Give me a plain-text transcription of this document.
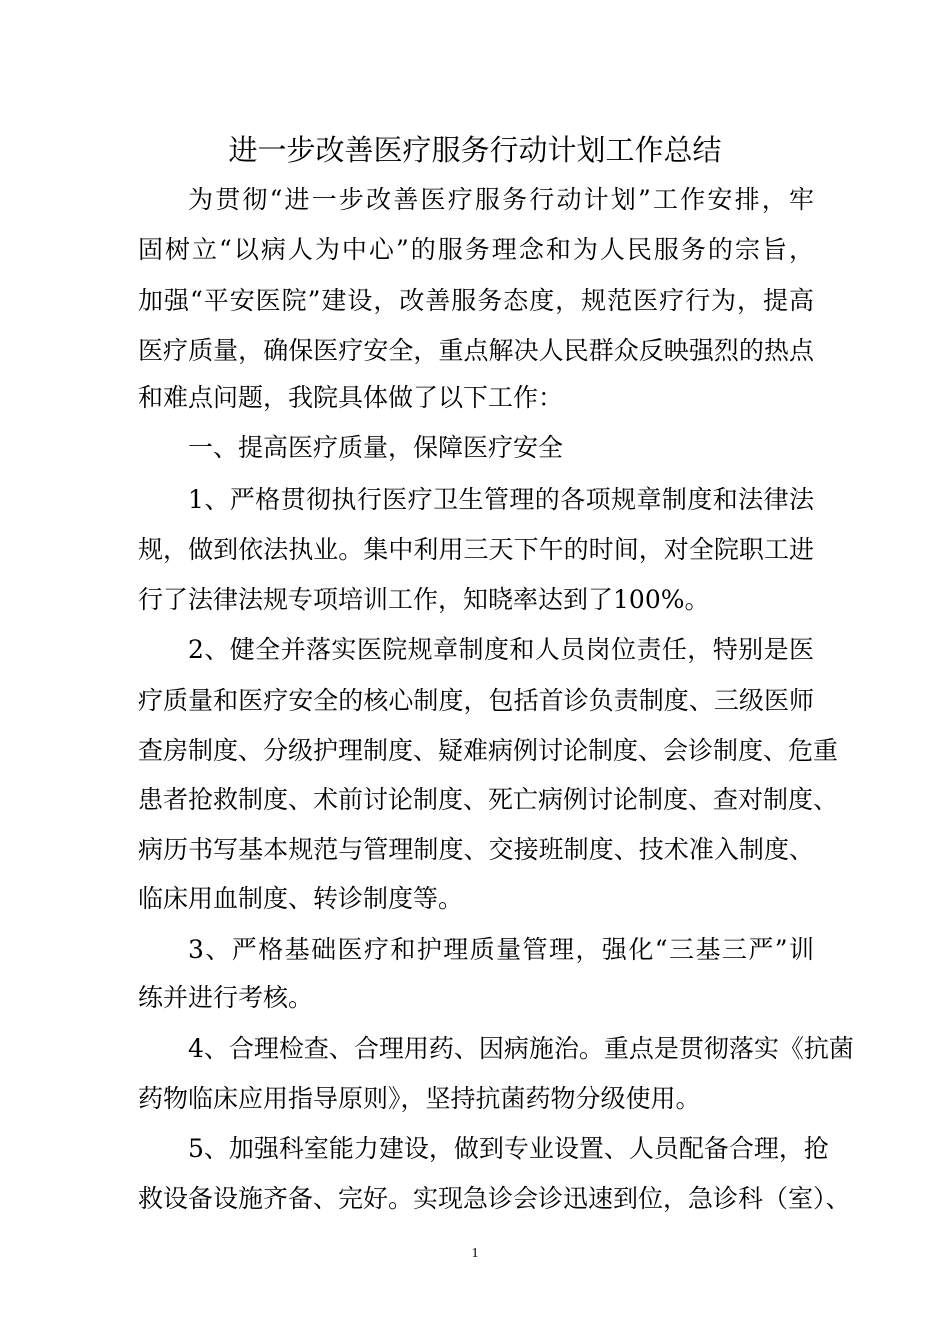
进一步改善医疗服务行动计划工作总结
为贯彻“进一步改善医疗服务行动计划”工作安排，牢
固树立“以病人为中心”的服务理念和为人民服务的宗旨，
加强“平安医院”建设，改善服务态度，规范医疗行为，提高
医疗质量，确保医疗安全，重点解决人民群众反映强烈的热点
和难点问题，我院具体做了以下工作：
一、提高医疗质量，保障医疗安全
1、严格贯彻执行医疗卫生管理的各项规章制度和法律法
规，做到依法执业。集中利用三天下午的时间，对全院职工进
行了法律法规专项培训工作，知晓率达到了100%。
2、健全并落实医院规章制度和人员岗位责任，特别是医
疗质量和医疗安全的核心制度，包括首诊负责制度、三级医师
查房制度、分级护理制度、疑难病例讨论制度、会诊制度、危重
患者抢救制度、术前讨论制度、死亡病例讨论制度、查对制度、
病历书写基本规范与管理制度、交接班制度、技术准入制度、
临床用血制度、转诊制度等。
3、严格基础医疗和护理质量管理，强化“三基三严”训
练并进行考核。
4、合理检查、合理用药、因病施治。重点是贯彻落实《抗菌
药物临床应用指导原则》，坚持抗菌药物分级使用。
5、加强科室能力建设，做到专业设置、人员配备合理，抢
救设备设施齐备、完好。实现急诊会诊迅速到位，急诊科（室）、
1
